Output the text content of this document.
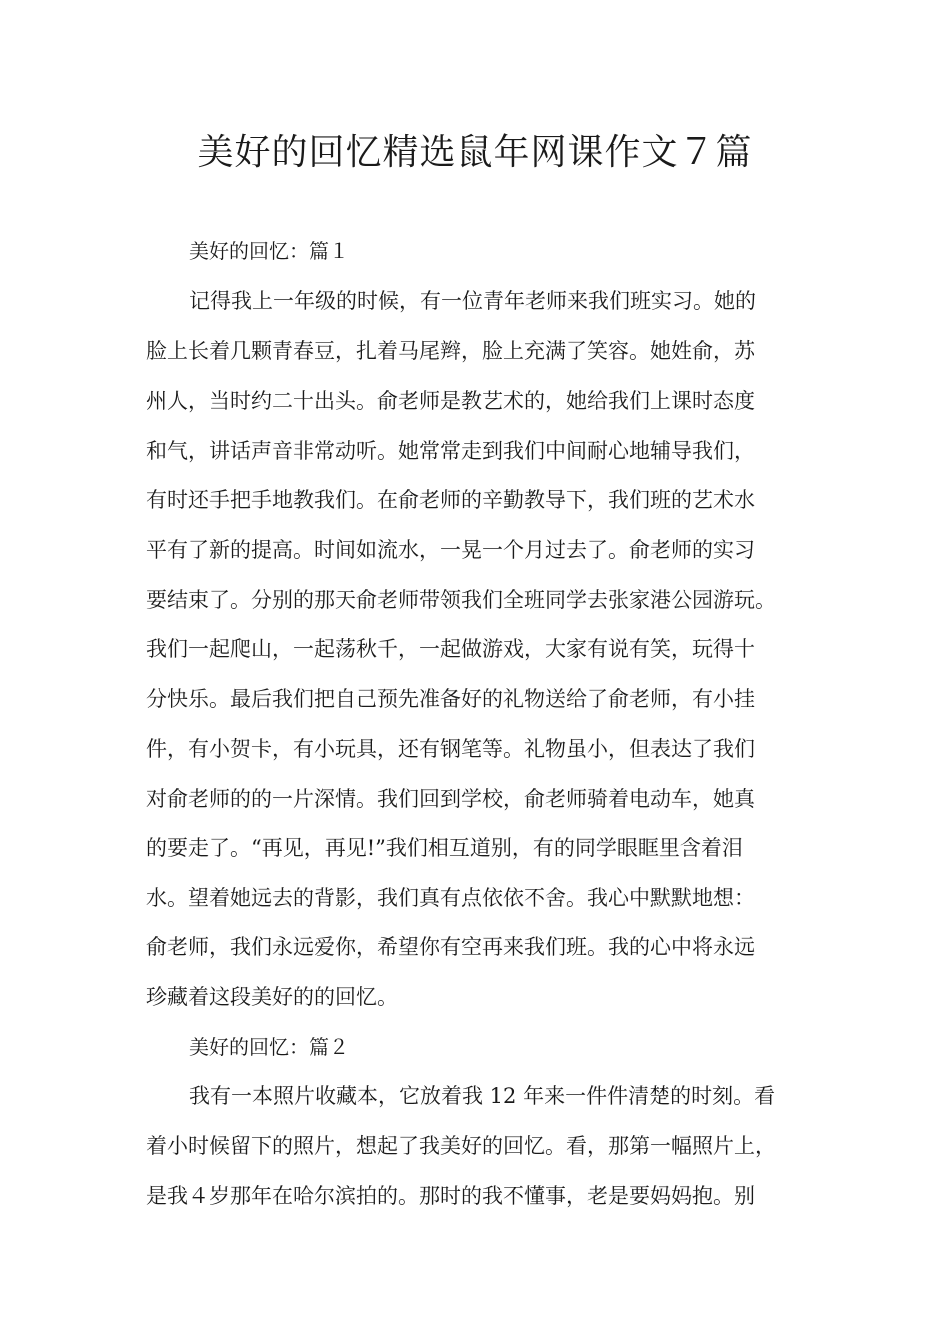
美好的回忆精选鼠年网课作文７篇
美好的回忆：篇１
记得我上一年级的时候，有一位青年老师来我们班实习。她的
脸上长着几颗青春豆，扎着马尾辫，脸上充满了笑容。她姓俞，苏
州人，当时约二十出头。俞老师是教艺术的，她给我们上课时态度
和气，讲话声音非常动听。她常常走到我们中间耐心地辅导我们，
有时还手把手地教我们。在俞老师的辛勤教导下，我们班的艺术水
平有了新的提高。时间如流水，一晃一个月过去了。俞老师的实习
要结束了。分别的那天俞老师带领我们全班同学去张家港公园游玩。
我们一起爬山，一起荡秋千，一起做游戏，大家有说有笑，玩得十
分快乐。最后我们把自己预先准备好的礼物送给了俞老师，有小挂
件，有小贺卡，有小玩具，还有钢笔等。礼物虽小，但表达了我们
对俞老师的的一片深情。我们回到学校，俞老师骑着电动车，她真
的要走了。“再见，再见!”我们相互道别，有的同学眼眶里含着泪
水。望着她远去的背影，我们真有点依依不舍。我心中默默地想：
俞老师，我们永远爱你，希望你有空再来我们班。我的心中将永远
珍藏着这段美好的的回忆。
美好的回忆：篇２
我有一本照片收藏本，它放着我 12 年来一件件清楚的时刻。看
着小时候留下的照片，想起了我美好的回忆。看，那第一幅照片上，
是我４岁那年在哈尔滨拍的。那时的我不懂事，老是要妈妈抱。别
